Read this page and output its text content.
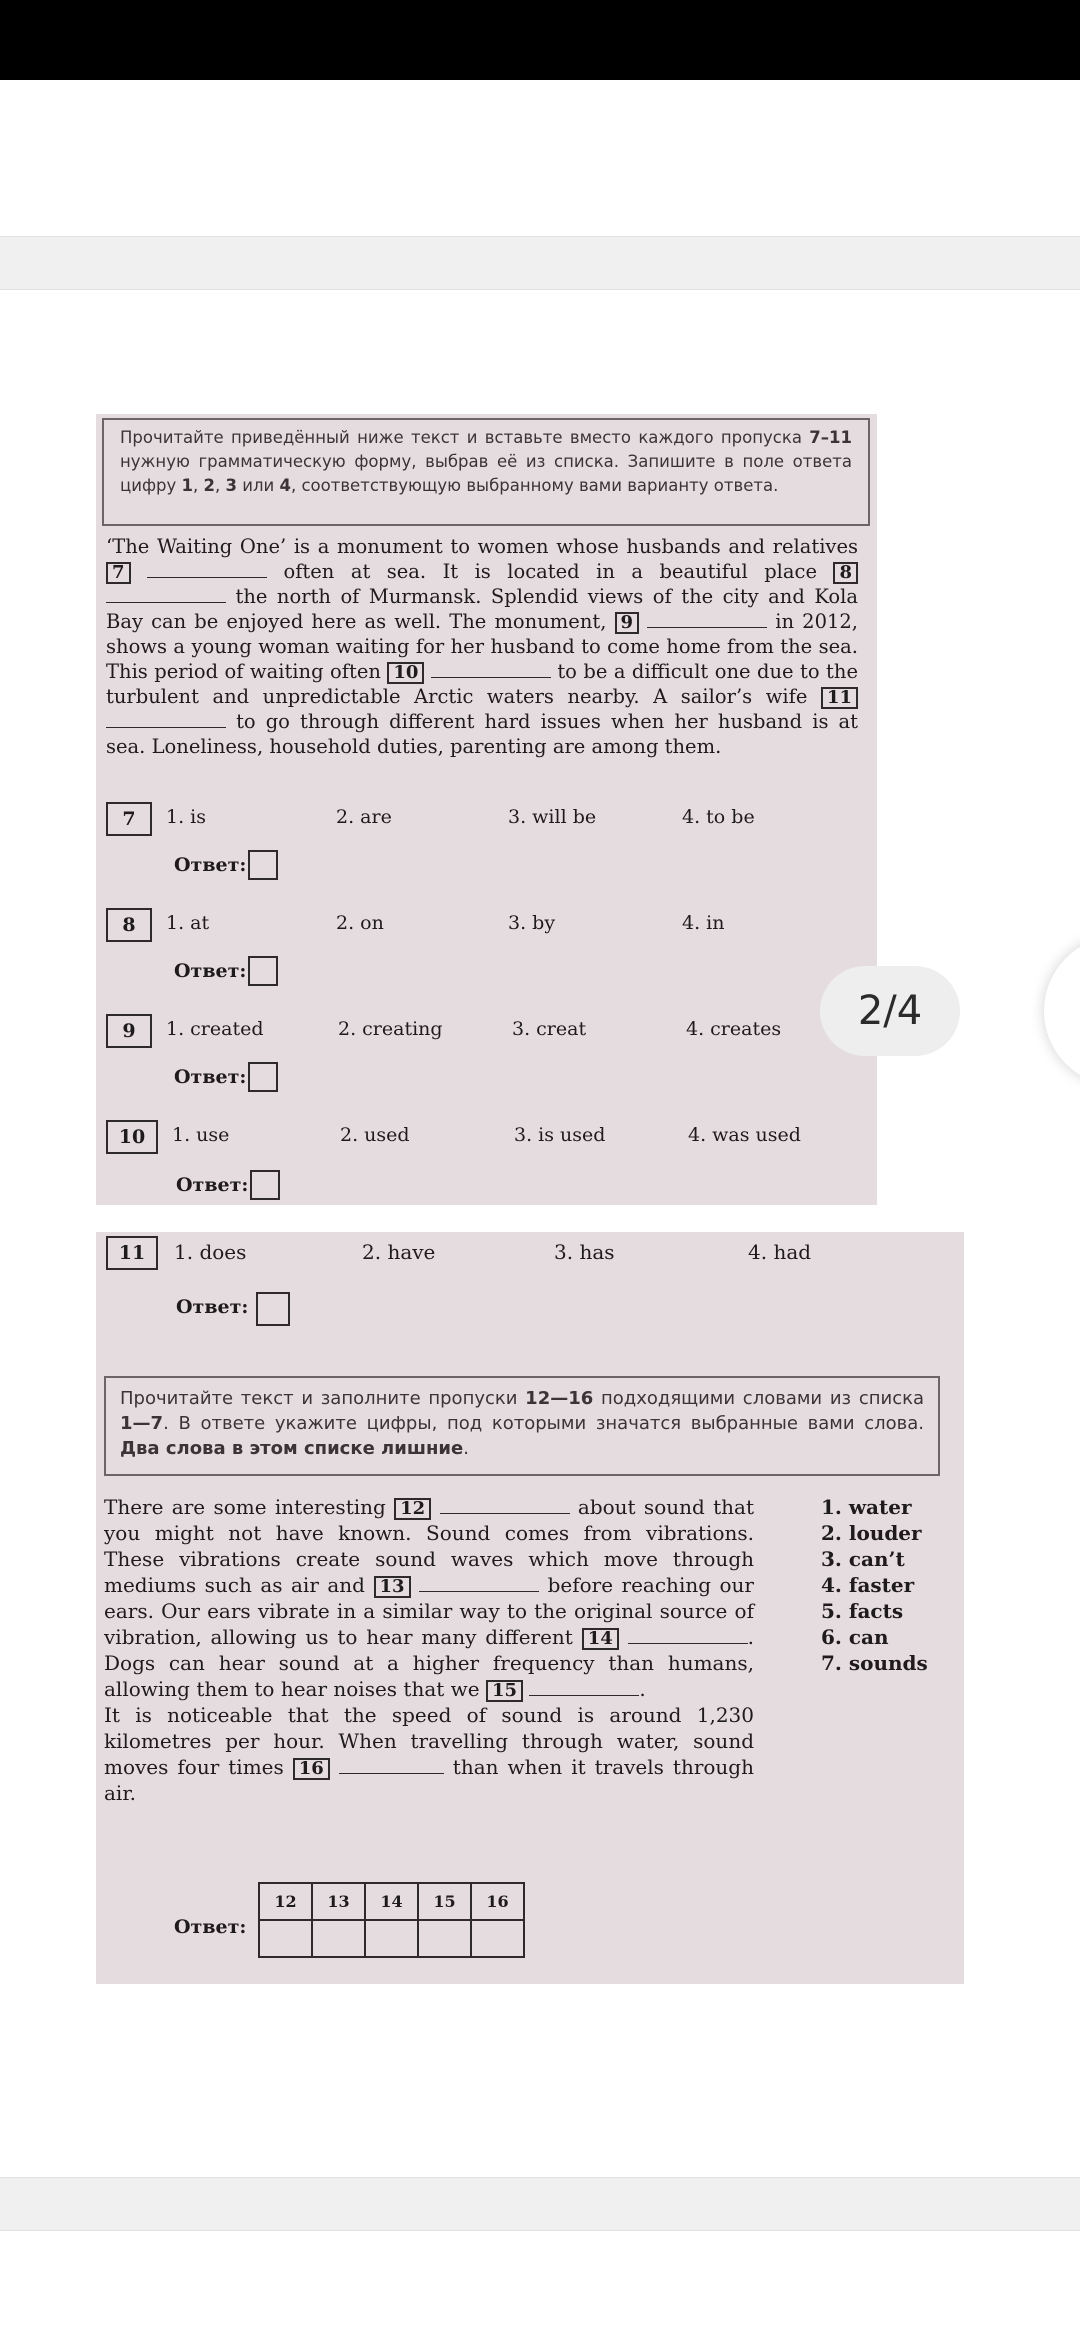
Прочитайте приведённый ниже текст и вставьте вместо каждого пропуска 7–11 нужную грамматическую форму, выбрав её из списка. Запишите в поле ответа цифру 1, 2, 3 или 4, соответствующую выбранному вами варианту ответа.
‘The Waiting One’ is a monument to women whose husbands and relatives 7	often at sea. It is located in a beautiful place 8  the north of Murmansk. Splendid views of the city and Kola Bay can be enjoyed here as well. The monument, 9	in 2012, shows a young woman waiting for her husband to come home from the sea. This period of waiting often 10	to be a difficult one due to the turbulent and unpredictable Arctic waters nearby. A sailor’s wife 11  to go through different hard issues when her husband is at sea. Loneliness, household duties, parenting are among them.
7	1. is	2. are	3. will be	4. to be
Ответ:
8	1. at	2. on	3. by	4. in
Ответ:
9	1. created	2. creating	3. creat	4. creates
Ответ:
10	1. use	2. used	3. is used	4. was used
Ответ:
11	1. does	2. have	3. has	4. had
Ответ:
Прочитайте текст и заполните пропуски 12—16 подходящими словами из списка 1—7. В ответе укажите цифры, под которыми значатся выбранные вами слова. Два слова в этом списке лишние.
There are some interesting 12	about sound that you might not have known. Sound comes from vibrations. These vibrations create sound waves which move through mediums such as air and 13	before reaching our ears. Our ears vibrate in a similar way to the original source of vibration, allowing us to hear many different 14	. Dogs can hear sound at a higher frequency than humans, allowing them to hear noises that we 15	.
It is noticeable that the speed of sound is around 1,230 kilometres per hour. When travelling through water, sound moves four times 16	than when it travels through air.
1. water
2. louder
3. can’t
4. faster
5. facts
6. can
7. sounds
Ответ:
12	13	14	15	16

2/4
